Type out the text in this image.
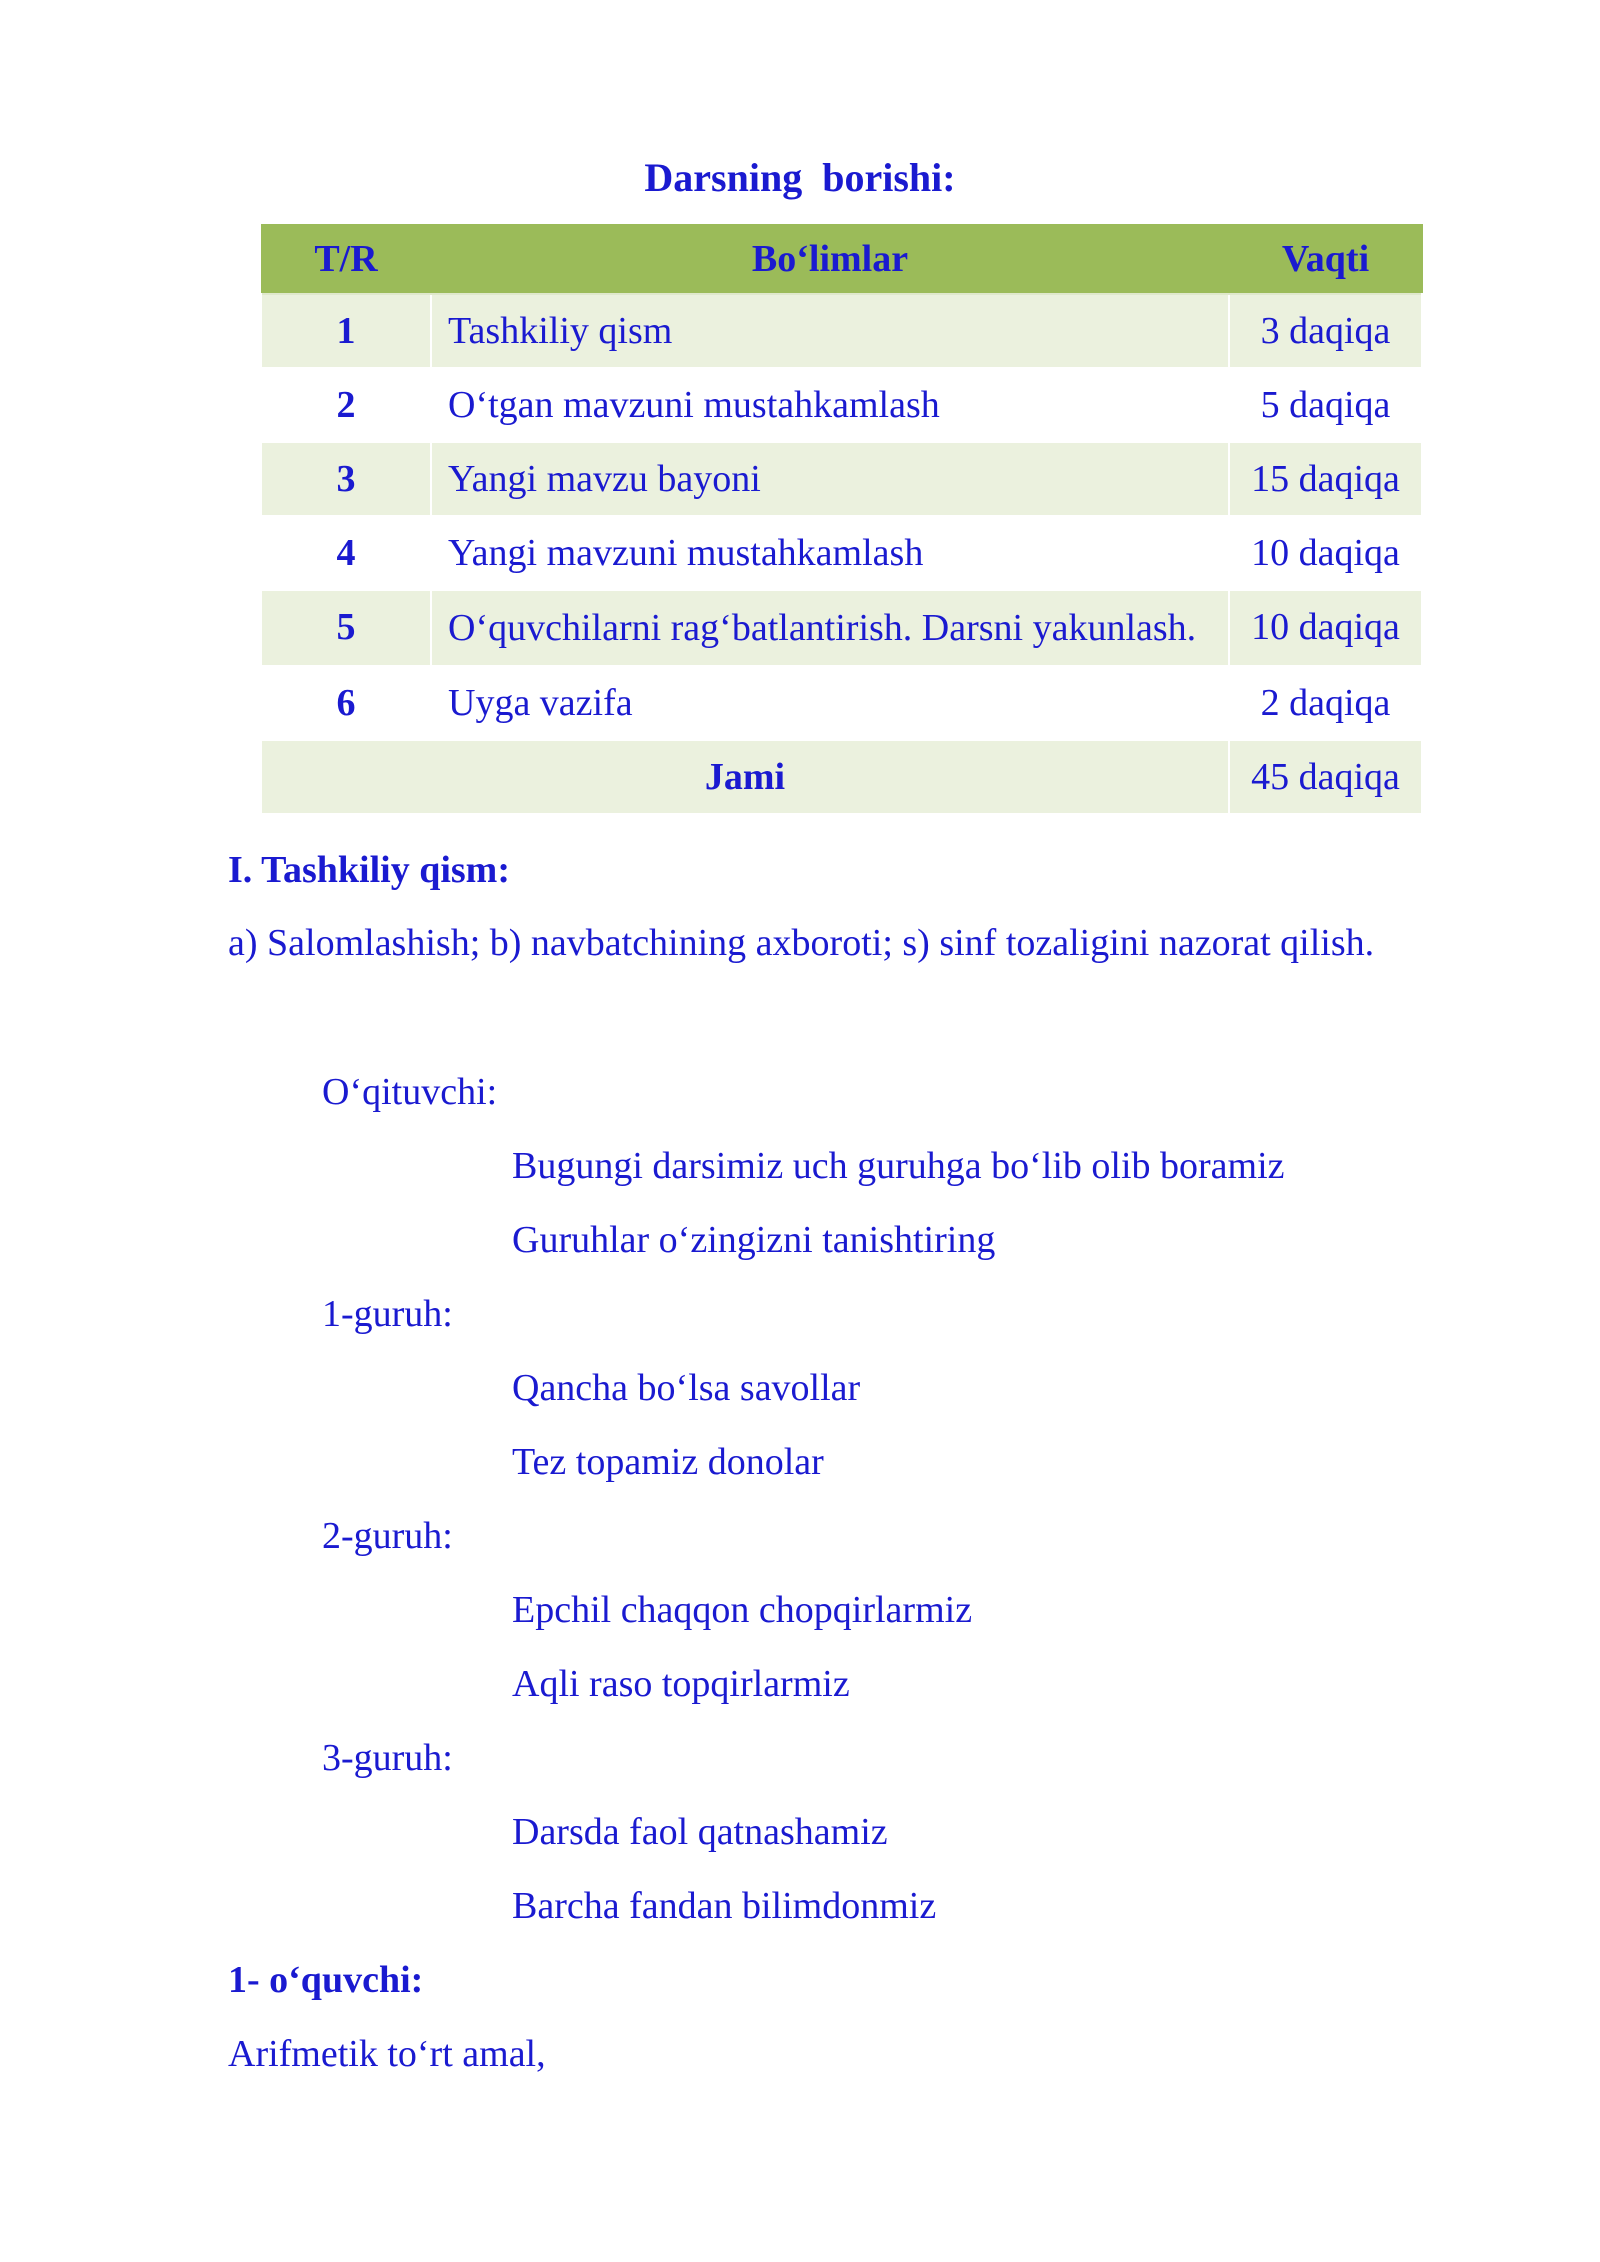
Darsning borishi:
T/R	Bo‘limlar	Vaqti
1	Tashkiliy qism	3 daqiqa
2	O‘tgan mavzuni mustahkamlash	5 daqiqa
3	Yangi mavzu bayoni	15 daqiqa
4	Yangi mavzuni mustahkamlash	10 daqiqa
5	O‘quvchilarni rag‘batlantirish. Darsni yakunlash.	10 daqiqa
6	Uyga vazifa	2 daqiqa
Jami		45 daqiqa
I. Tashkiliy qism:
a) Salomlashish; b) navbatchining axboroti; s) sinf tozaligini nazorat qilish.
O‘qituvchi:
Bugungi darsimiz uch guruhga bo‘lib olib boramiz
Guruhlar o‘zingizni tanishtiring
1-guruh:
Qancha bo‘lsa savollar
Tez topamiz donolar
2-guruh:
Epchil chaqqon chopqirlarmiz
Aqli raso topqirlarmiz
3-guruh:
Darsda faol qatnashamiz
Barcha fandan bilimdonmiz
1- o‘quvchi:
Arifmetik to‘rt amal,
